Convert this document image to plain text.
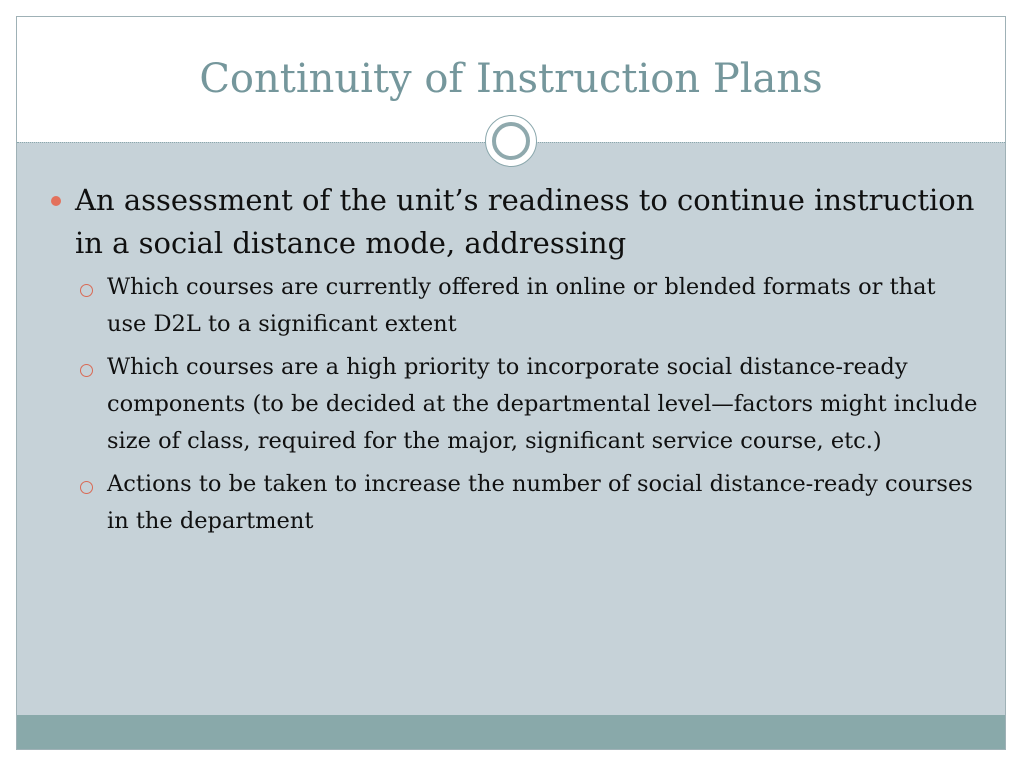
Continuity of Instruction Plans
An assessment of the unit’s readiness to continue instruction in a social distance mode, addressing
Which courses are currently offered in online or blended formats or that use D2L to a significant extent
Which courses are a high priority to incorporate social distance-ready components (to be decided at the departmental level—factors might include size of class, required for the major, significant service course, etc.)
Actions to be taken to increase the number of social distance-ready courses in the department
